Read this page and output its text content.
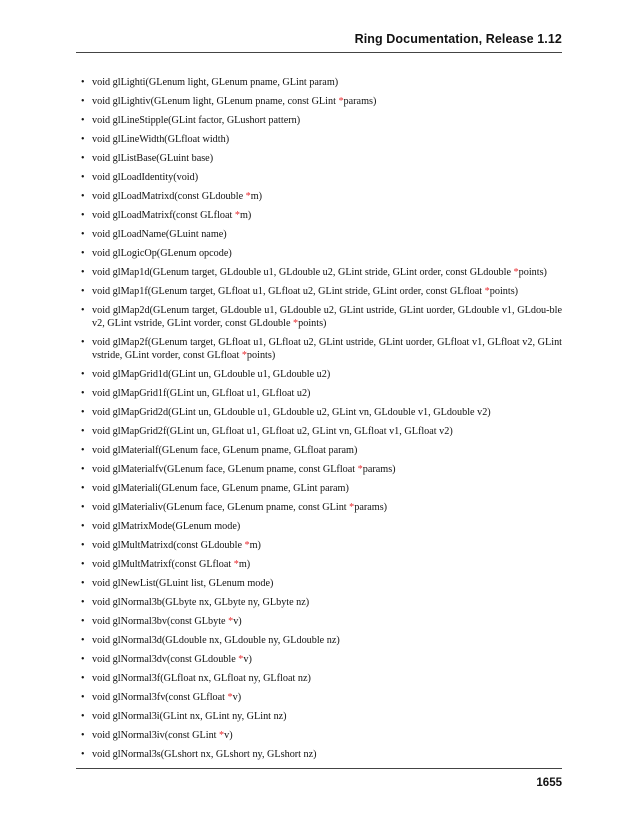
Ring Documentation, Release 1.12
• void glLighti(GLenum light, GLenum pname, GLint param)
• void glLightiv(GLenum light, GLenum pname, const GLint *params)
• void glLineStipple(GLint factor, GLushort pattern)
• void glLineWidth(GLfloat width)
• void glListBase(GLuint base)
• void glLoadIdentity(void)
• void glLoadMatrixd(const GLdouble *m)
• void glLoadMatrixf(const GLfloat *m)
• void glLoadName(GLuint name)
• void glLogicOp(GLenum opcode)
• void glMap1d(GLenum target, GLdouble u1, GLdouble u2, GLint stride, GLint order, const GLdouble *points)
• void glMap1f(GLenum target, GLfloat u1, GLfloat u2, GLint stride, GLint order, const GLfloat *points)
• void glMap2d(GLenum target, GLdouble u1, GLdouble u2, GLint ustride, GLint uorder, GLdouble v1, GLdou-ble v2, GLint vstride, GLint vorder, const GLdouble *points)
• void glMap2f(GLenum target, GLfloat u1, GLfloat u2, GLint ustride, GLint uorder, GLfloat v1, GLfloat v2, GLint vstride, GLint vorder, const GLfloat *points)
• void glMapGrid1d(GLint un, GLdouble u1, GLdouble u2)
• void glMapGrid1f(GLint un, GLfloat u1, GLfloat u2)
• void glMapGrid2d(GLint un, GLdouble u1, GLdouble u2, GLint vn, GLdouble v1, GLdouble v2)
• void glMapGrid2f(GLint un, GLfloat u1, GLfloat u2, GLint vn, GLfloat v1, GLfloat v2)
• void glMaterialf(GLenum face, GLenum pname, GLfloat param)
• void glMaterialfv(GLenum face, GLenum pname, const GLfloat *params)
• void glMateriali(GLenum face, GLenum pname, GLint param)
• void glMaterialiv(GLenum face, GLenum pname, const GLint *params)
• void glMatrixMode(GLenum mode)
• void glMultMatrixd(const GLdouble *m)
• void glMultMatrixf(const GLfloat *m)
• void glNewList(GLuint list, GLenum mode)
• void glNormal3b(GLbyte nx, GLbyte ny, GLbyte nz)
• void glNormal3bv(const GLbyte *v)
• void glNormal3d(GLdouble nx, GLdouble ny, GLdouble nz)
• void glNormal3dv(const GLdouble *v)
• void glNormal3f(GLfloat nx, GLfloat ny, GLfloat nz)
• void glNormal3fv(const GLfloat *v)
• void glNormal3i(GLint nx, GLint ny, GLint nz)
• void glNormal3iv(const GLint *v)
• void glNormal3s(GLshort nx, GLshort ny, GLshort nz)
1655
